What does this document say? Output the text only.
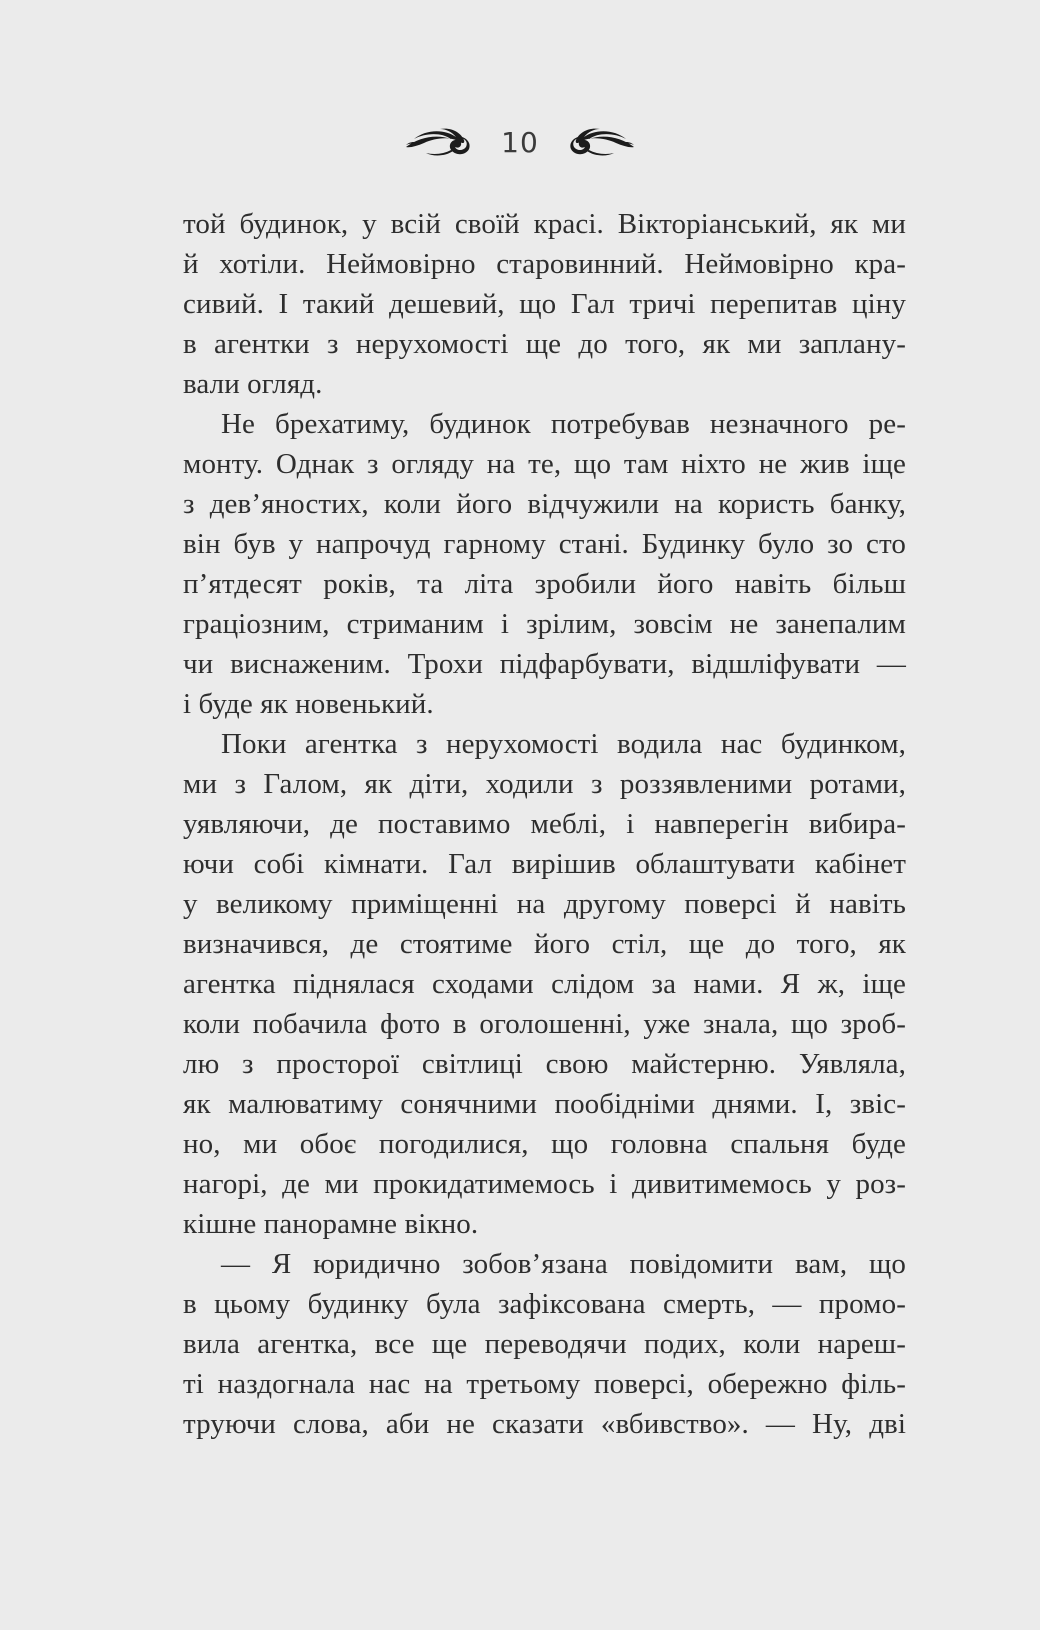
10
той будинок, у всій своїй красі. Вікторіанський, як ми
й хотіли. Неймовірно старовинний. Неймовірно кра-
сивий. І такий дешевий, що Гал тричі перепитав ціну
в агентки з нерухомості ще до того, як ми заплану-
вали огляд.
Не брехатиму, будинок потребував незначного ре-
монту. Однак з огляду на те, що там ніхто не жив іще
з дев’яностих, коли його відчужили на користь банку,
він був у напрочуд гарному стані. Будинку було зо сто
п’ятдесят років, та літа зробили його навіть більш
граціозним, стриманим і зрілим, зовсім не занепалим
чи виснаженим. Трохи підфарбувати, відшліфувати —
і буде як новенький.
Поки агентка з нерухомості водила нас будинком,
ми з Галом, як діти, ходили з роззявленими ротами,
уявляючи, де поставимо меблі, і навперегін вибира-
ючи собі кімнати. Гал вирішив облаштувати кабінет
у великому приміщенні на другому поверсі й навіть
визначився, де стоятиме його стіл, ще до того, як
агентка піднялася сходами слідом за нами. Я ж, іще
коли побачила фото в оголошенні, уже знала, що зроб-
лю з просторої світлиці свою майстерню. Уявляла,
як малюватиму сонячними пообідніми днями. І, звіс-
но, ми обоє погодилися, що головна спальня буде
нагорі, де ми прокидатимемось і дивитимемось у роз-
кішне панорамне вікно.
— Я юридично зобов’язана повідомити вам, що
в цьому будинку була зафіксована смерть, — промо-
вила агентка, все ще переводячи подих, коли нареш-
ті наздогнала нас на третьому поверсі, обережно філь-
труючи слова, аби не сказати «вбивство». — Ну, дві
